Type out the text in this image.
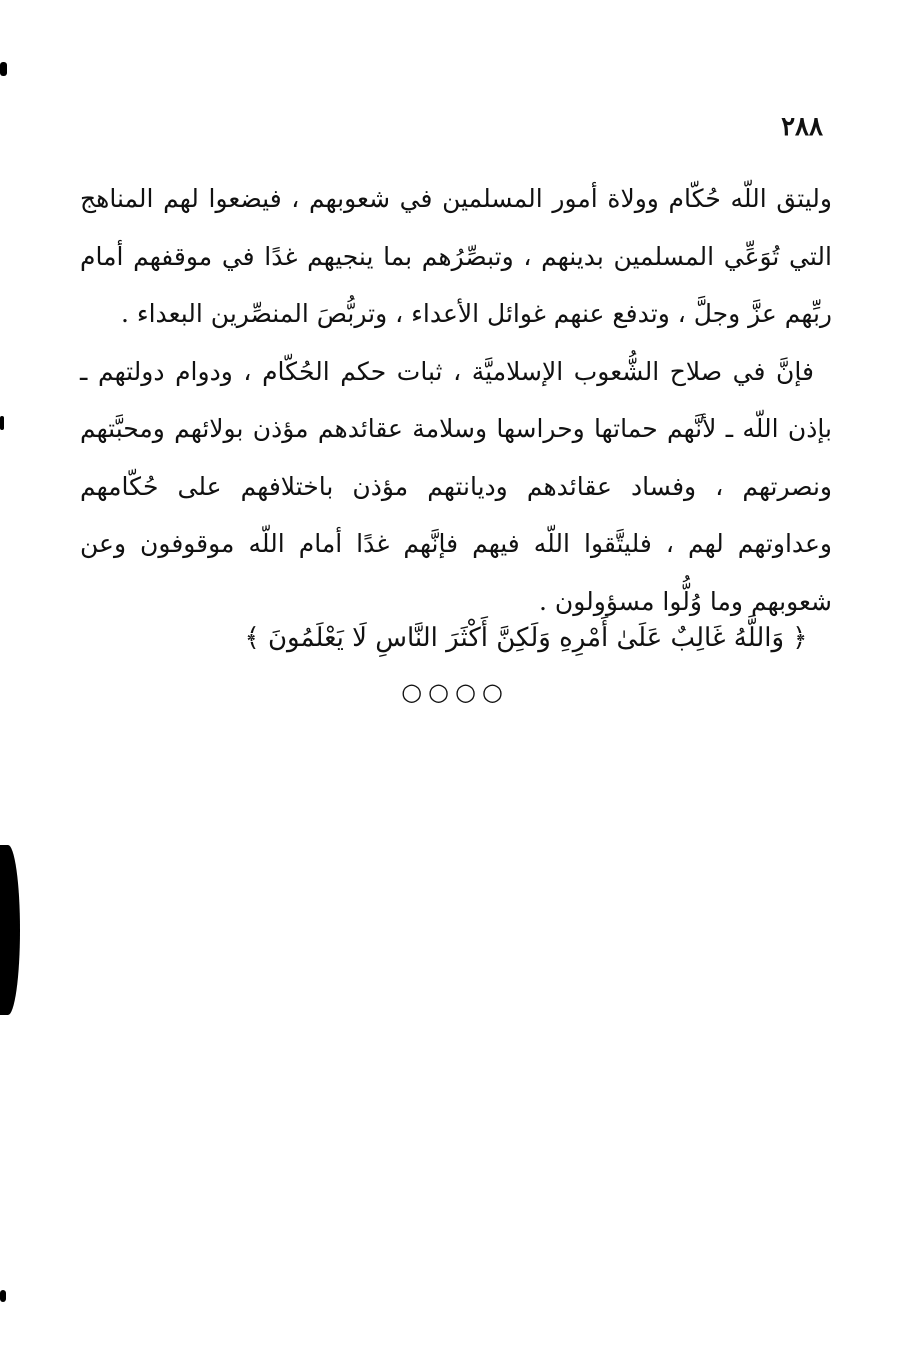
٢٨٨

وليتق اللّه حُكّام وولاة أمور المسلمين في شعوبهم ، فيضعوا لهم المناهج التي تُوَعِّي المسلمين بدينهم ، وتبصِّرُهم بما ينجيهم غدًا في موقفهم أمام ربِّهم عزَّ وجلَّ ، وتدفع عنهم غوائل الأعداء ، وتربُّصَ المنصِّرين البعداء .

فإنَّ في صلاح الشُّعوب الإسلاميَّة ، ثبات حكم الحُكّام ، ودوام دولتهم ـ بإذن اللّه ـ لأنَّهم حماتها وحراسها وسلامة عقائدهم مؤذن بولائهم ومحبَّتهم ونصرتهم ، وفساد عقائدهم وديانتهم مؤذن باختلافهم على حُكّامهم وعداوتهم لهم ، فليتَّقوا اللّه فيهم فإنَّهم غدًا أمام اللّه موقوفون وعن شعوبهم وما وُلُّوا مسؤولون .

﴿ وَاللَّهُ غَالِبٌ عَلَىٰ أَمْرِهِ وَلَكِنَّ أَكْثَرَ النَّاسِ لَا يَعْلَمُونَ ﴾
○○○○
